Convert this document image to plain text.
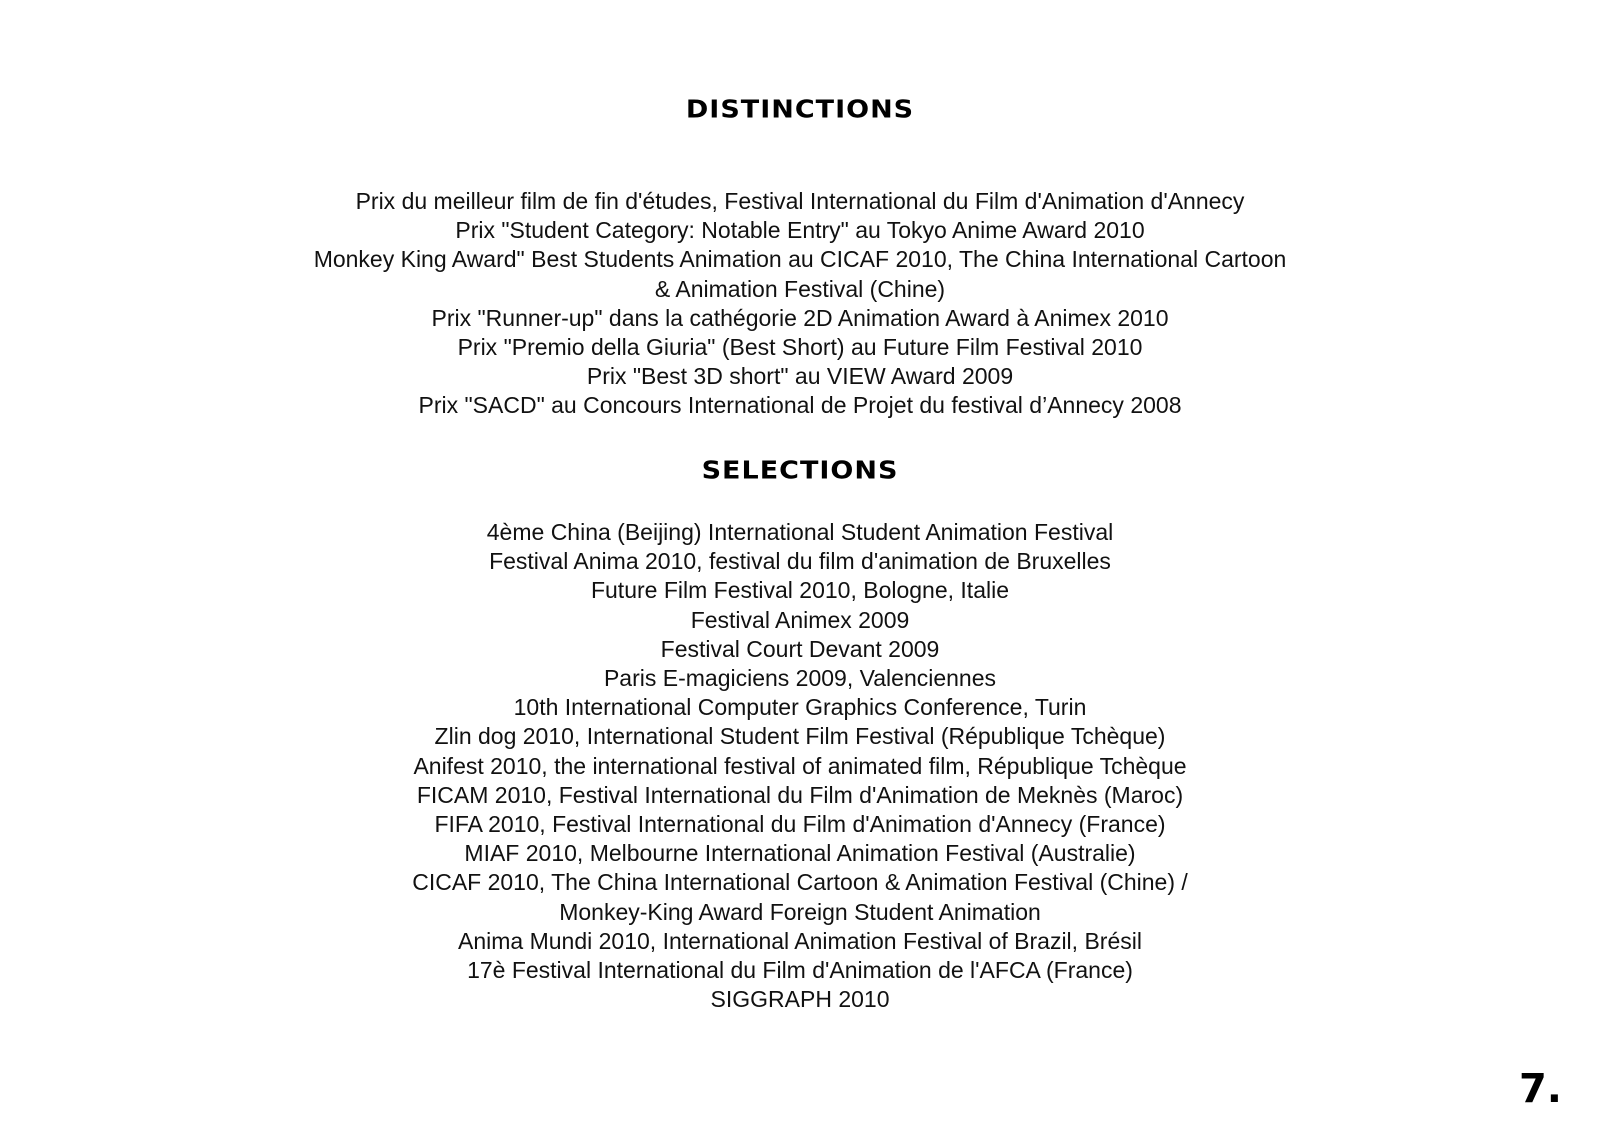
DISTINCTIONS
Prix du meilleur film de fin d'études, Festival International du Film d'Animation d'Annecy
Prix "Student Category: Notable Entry" au Tokyo Anime Award 2010
Monkey King Award" Best Students Animation au CICAF 2010, The China International Cartoon
& Animation Festival (Chine)
Prix "Runner-up" dans la cathégorie 2D Animation Award à Animex 2010
Prix "Premio della Giuria" (Best Short) au Future Film Festival 2010
Prix "Best 3D short" au VIEW Award 2009
Prix "SACD" au Concours International de Projet du festival d’Annecy 2008
SELECTIONS
4ème China (Beijing) International Student Animation Festival
Festival Anima 2010, festival du film d'animation de Bruxelles
Future Film Festival 2010, Bologne, Italie
Festival Animex 2009
Festival Court Devant 2009
Paris E-magiciens 2009, Valenciennes
10th International Computer Graphics Conference, Turin
Zlin dog 2010, International Student Film Festival (République Tchèque)
Anifest 2010, the international festival of animated film, République Tchèque
FICAM 2010, Festival International du Film d'Animation de Meknès (Maroc)
FIFA 2010, Festival International du Film d'Animation d'Annecy (France)
MIAF 2010, Melbourne International Animation Festival (Australie)
CICAF 2010, The China International Cartoon & Animation Festival (Chine) /
Monkey-King Award Foreign Student Animation
Anima Mundi 2010, International Animation Festival of Brazil, Brésil
17è Festival International du Film d'Animation de l'AFCA (France)
SIGGRAPH 2010
7.
